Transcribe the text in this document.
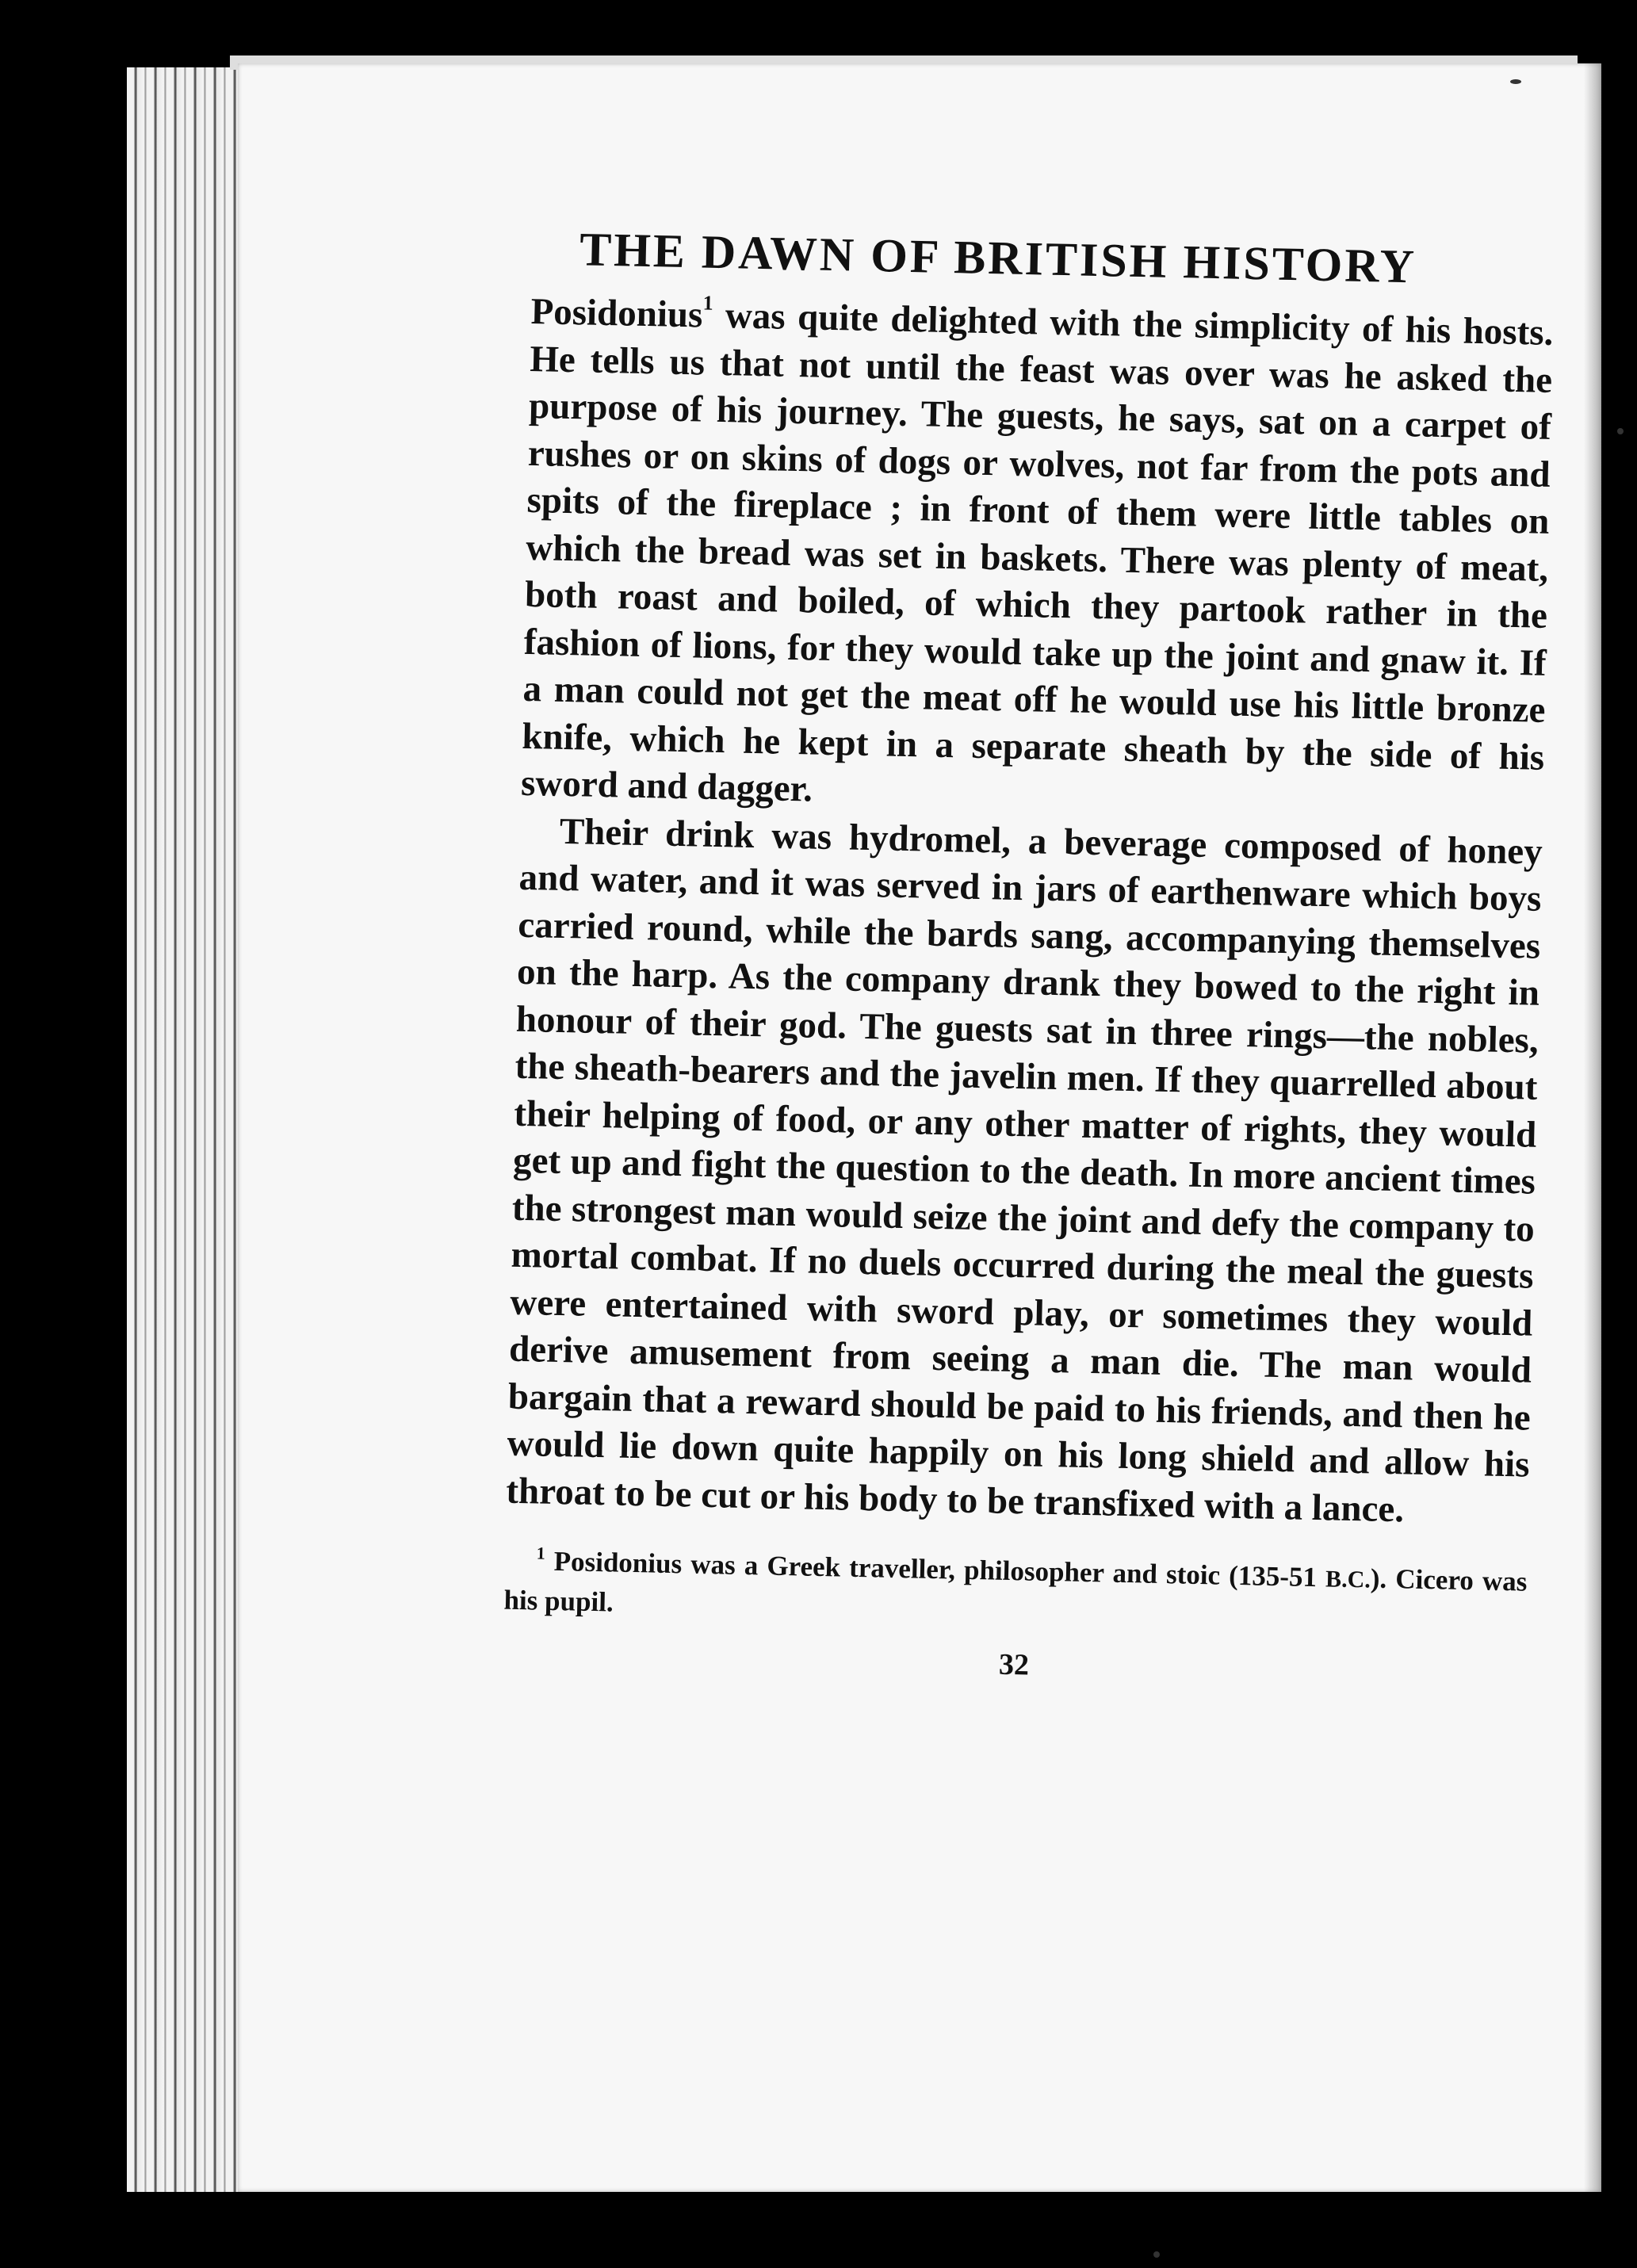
THE DAWN OF BRITISH HISTORY

Posidonius$^1$ was quite delighted with the simplicity of his hosts. He tells us that not until the feast was over was he asked the purpose of his journey. The guests, he says, sat on a carpet of rushes or on skins of dogs or wolves, not far from the pots and spits of the fireplace ; in front of them were little tables on which the bread was set in baskets. There was plenty of meat, both roast and boiled, of which they partook rather in the fashion of lions, for they would take up the joint and gnaw it. If a man could not get the meat off he would use his little bronze knife, which he kept in a separate sheath by the side of his sword and dagger.

Their drink was hydromel, a beverage composed of honey and water, and it was served in jars of earthenware which boys carried round, while the bards sang, accompanying themselves on the harp. As the company drank they bowed to the right in honour of their god. The guests sat in three rings—the nobles, the sheath-bearers and the javelin men. If they quarrelled about their helping of food, or any other matter of rights, they would get up and fight the question to the death. In more ancient times the strongest man would seize the joint and defy the company to mortal combat. If no duels occurred during the meal the guests were entertained with sword play, or sometimes they would derive amusement from seeing a man die. The man would bargain that a reward should be paid to his friends, and then he would lie down quite happily on his long shield and allow his throat to be cut or his body to be transfixed with a lance.

$^1$ Posidonius was a Greek traveller, philosopher and stoic (135-51 B.C.). Cicero was his pupil.
32
